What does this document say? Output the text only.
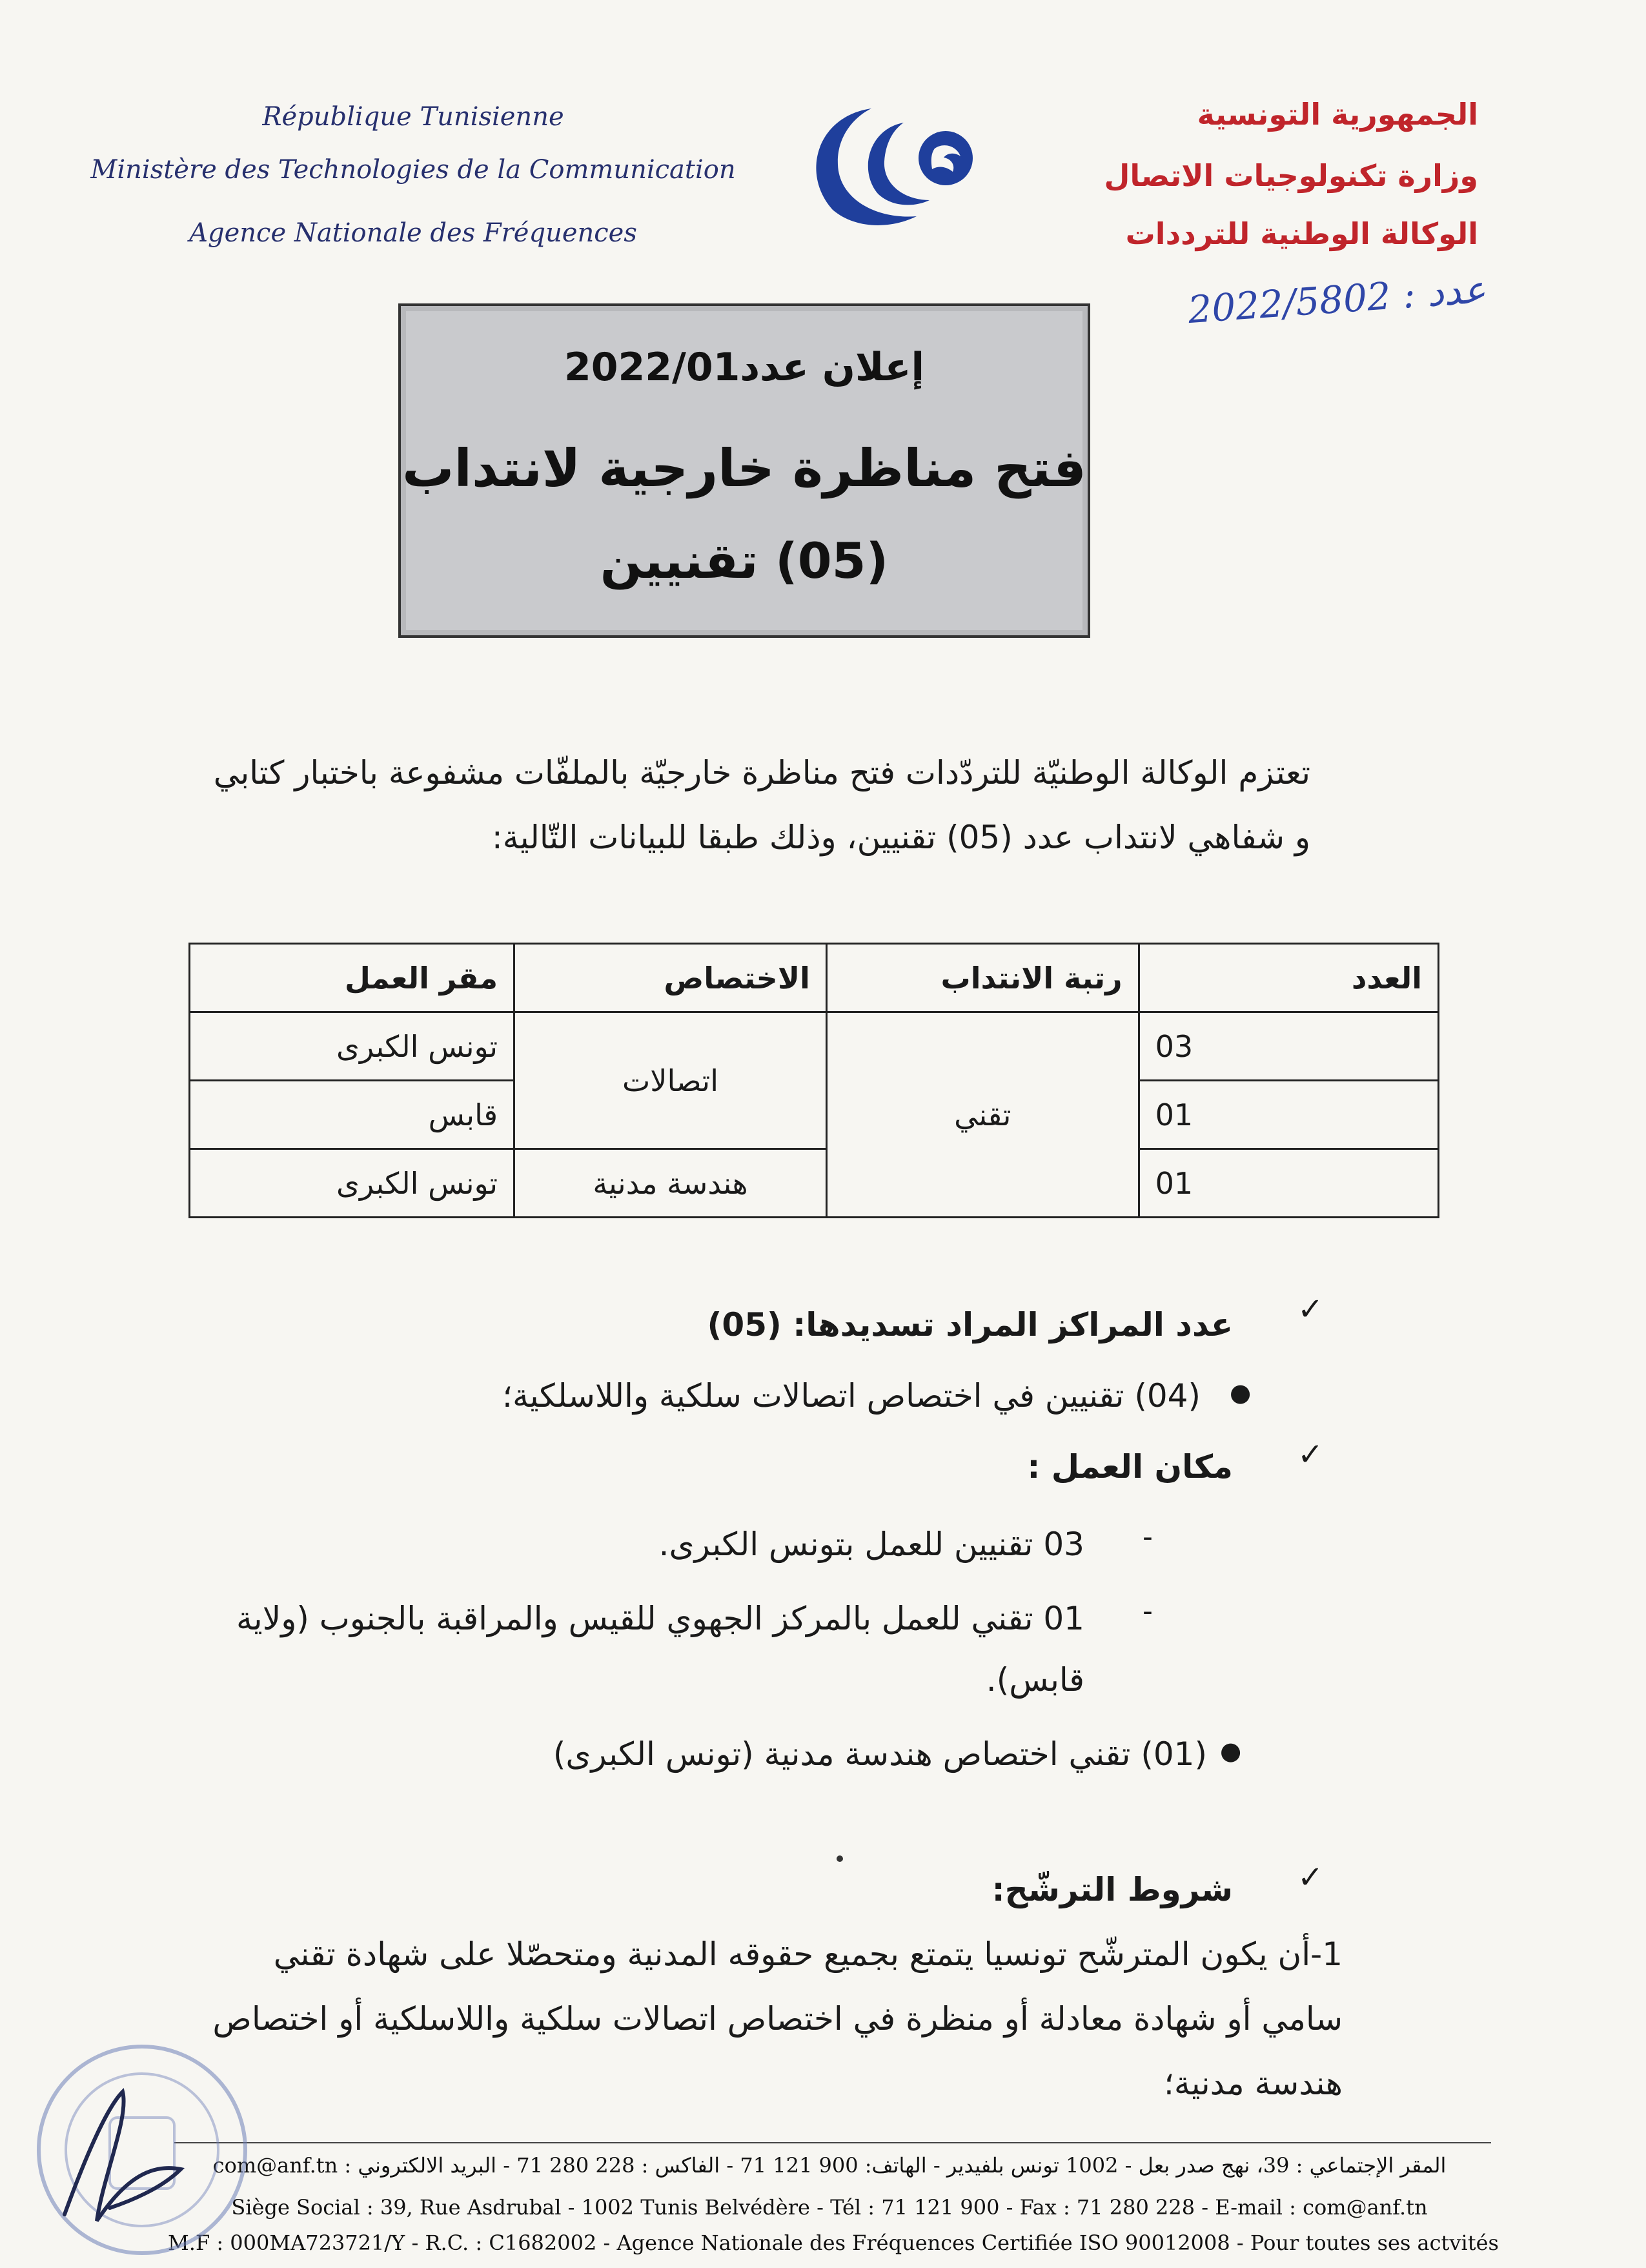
République Tunisienne
Ministère des Technologies de la Communication
Agence Nationale des Fréquences
الجمهورية التونسية
وزارة تكنولوجيات الاتصال
الوكالة الوطنية للترددات
عدد : 2022/5802
إعلان عدد2022/01
فتح مناظرة خارجية لانتداب
(05) تقنيين
تعتزم الوكالة الوطنيّة للتردّدات فتح مناظرة خارجيّة بالملفّات مشفوعة باختبار كتابي
و شفاهي لانتداب عدد (05) تقنيين، وذلك طبقا للبيانات التّالية:
العدد	رتبة الانتداب	الاختصاص	مقر العمل
03	تقني	اتصالات	تونس الكبرى
01			قابس
01		هندسة مدنية	تونس الكبرى
✓
عدد المراكز المراد تسديدها: (05)
●
(04) تقنيين في اختصاص اتصالات سلكية واللاسلكية؛
✓
مكان العمل :
-
03 تقنيين للعمل بتونس الكبرى.
-
01 تقني للعمل بالمركز الجهوي للقيس والمراقبة بالجنوب (ولاية
قابس).
●
(01) تقني اختصاص هندسة مدنية (تونس الكبرى)
✓
شروط الترشّح:
1-أن يكون المترشّح تونسيا يتمتع بجميع حقوقه المدنية ومتحصّلا على شهادة تقني
سامي أو شهادة معادلة أو منظرة في اختصاص اتصالات سلكية واللاسلكية أو اختصاص
هندسة مدنية؛
المقر الإجتماعي : 39، نهج صدر بعل - 1002 تونس بلفيدير - الهاتف: 900 121 71 - الفاكس : 228 280 71 - البريد الالكتروني : com@anf.tn
Siège Social : 39, Rue Asdrubal - 1002 Tunis Belvédère - Tél : 71 121 900 - Fax : 71 280 228 - E-mail : com@anf.tn
M.F : 000MA723721/Y - R.C. : C1682002 - Agence Nationale des Fréquences Certifiée ISO 90012008 - Pour toutes ses actvités
